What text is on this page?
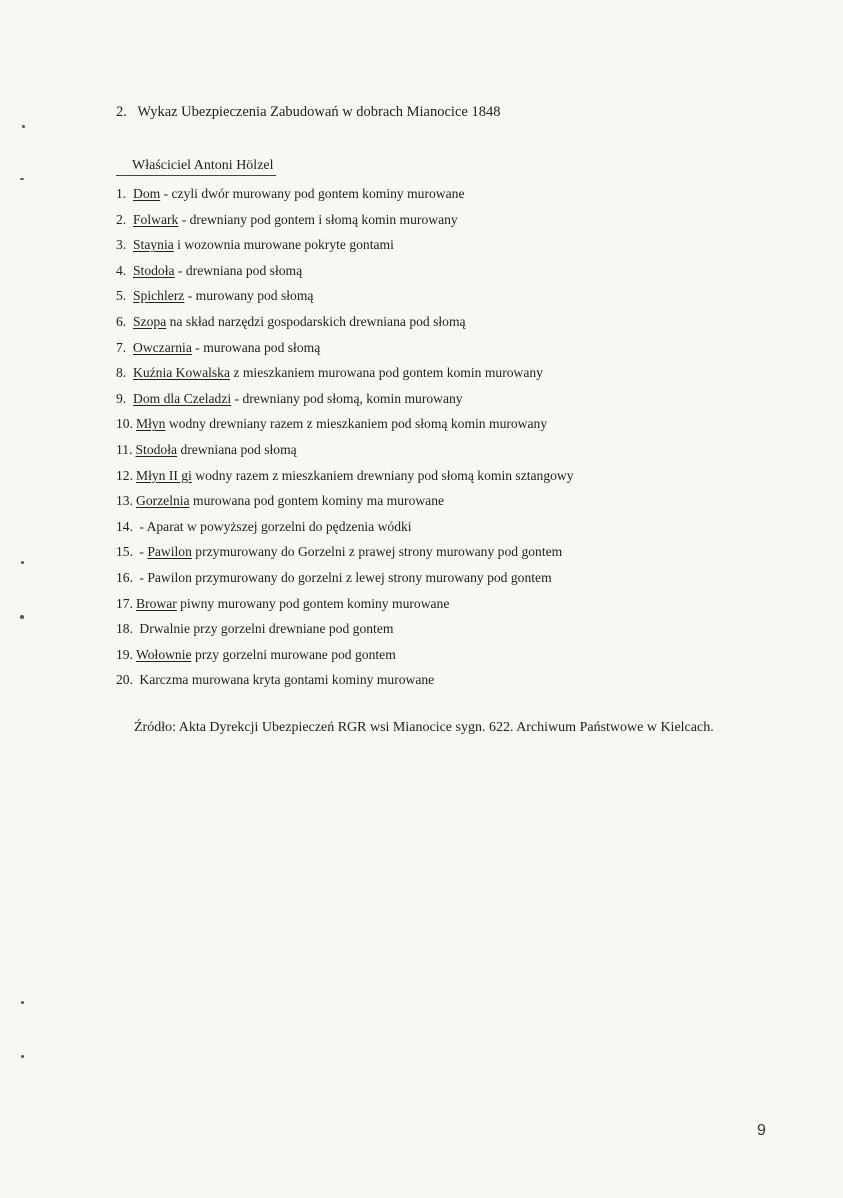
2. Wykaz Ubezpieczenia Zabudowań w dobrach Mianocice 1848
Właściciel Antoni Hölzel
1. Dom - czyli dwór murowany pod gontem kominy murowane
2. Folwark - drewniany pod gontem i słomą komin murowany
3. Staynia i wozownia murowane pokryte gontami
4. Stodoła - drewniana pod słomą
5. Spichlerz - murowany pod słomą
6. Szopa na skład narzędzi gospodarskich drewniana pod słomą
7. Owczarnia - murowana pod słomą
8. Kuźnia Kowalska z mieszkaniem murowana pod gontem komin murowany
9. Dom dla Czeladzi - drewniany pod słomą, komin murowany
10. Młyn wodny drewniany razem z mieszkaniem pod słomą komin murowany
11. Stodoła drewniana pod słomą
12. Młyn II gi wodny razem z mieszkaniem drewniany pod słomą komin sztangowy
13. Gorzelnia murowana pod gontem kominy ma murowane
14. - Aparat w powyższej gorzelni do pędzenia wódki
15. - Pawilon przymurowany do Gorzelni z prawej strony murowany pod gontem
16. - Pawilon przymurowany do gorzelni z lewej strony murowany pod gontem
17. Browar piwny murowany pod gontem kominy murowane
18. Drwalnie przy gorzelni drewniane pod gontem
19. Wołownie przy gorzelni murowane pod gontem
20. Karczma murowana kryta gontami kominy murowane
Źródło: Akta Dyrekcji Ubezpieczeń RGR wsi Mianocice sygn. 622. Archiwum Państwowe w Kielcach.
9
